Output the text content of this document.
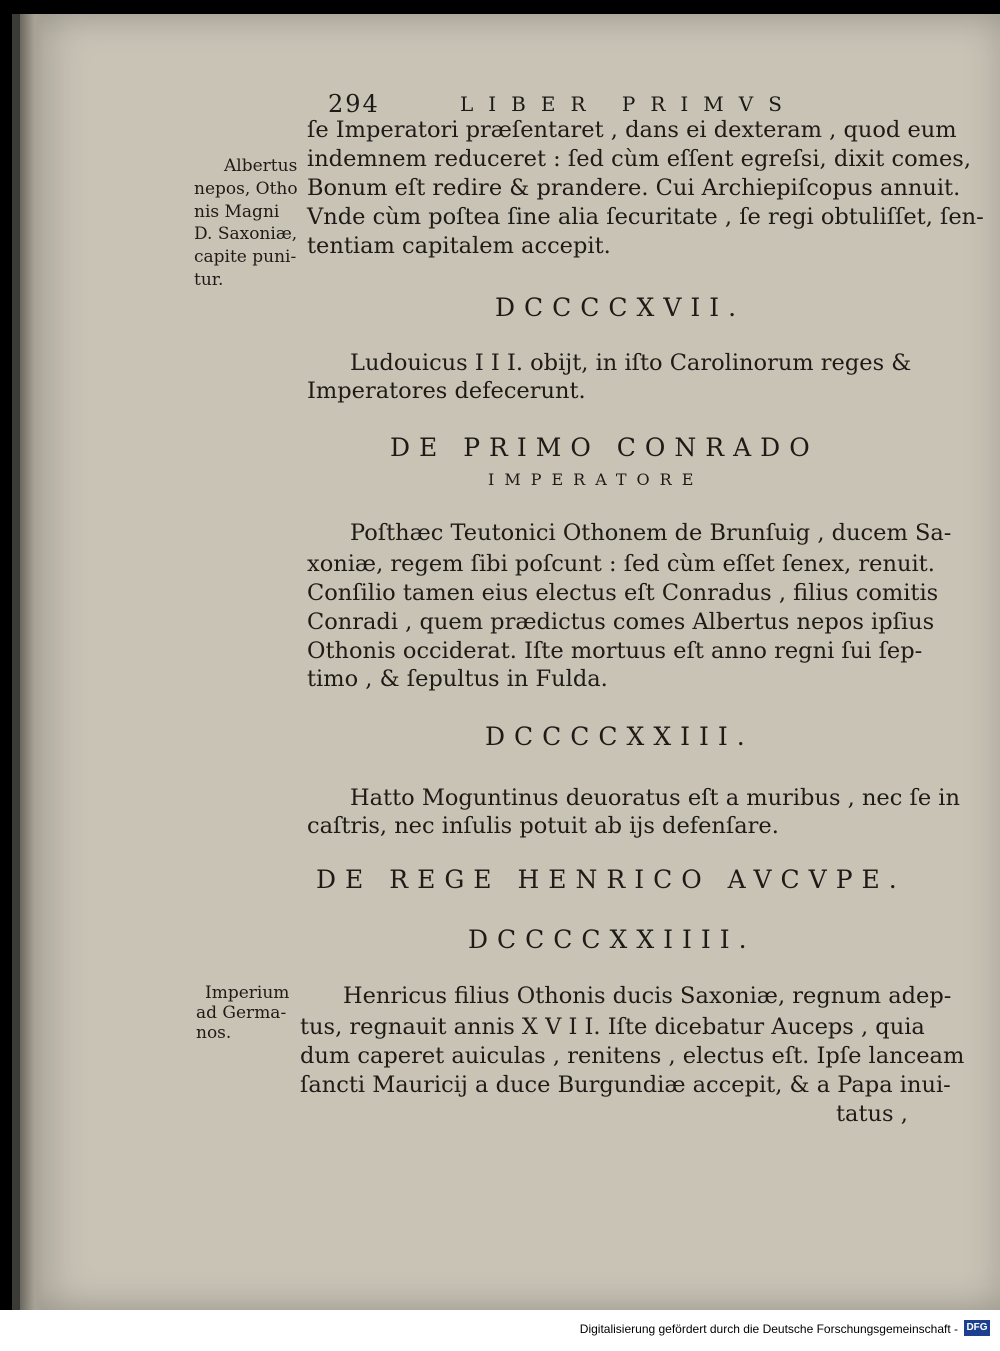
294	LIBER PRIMVS
Albertus
nepos, Otho
nis Magni
D. Saxoniæ,
capite puni-
tur.
ſe Imperatori præſentaret , dans ei dexteram , quod eum
indemnem reduceret : ſed cùm eſſent egreſsi, dixit comes,
Bonum eſt redire & prandere. Cui Archiepiſcopus annuit.
Vnde cùm poſtea ſine alia ſecuritate , ſe regi obtuliſſet, ſen-
tentiam capitalem accepit.
DCCCCXVII.
Ludouicus I I I. obijt, in iſto Carolinorum reges &
Imperatores defecerunt.
DE PRIMO CONRADO
IMPERATORE
Poſthæc Teutonici Othonem de Brunſuig , ducem Sa-
xoniæ, regem ſibi poſcunt : ſed cùm eſſet ſenex, renuit.
Conſilio tamen eius electus eſt Conradus , filius comitis
Conradi , quem prædictus comes Albertus nepos ipſius
Othonis occiderat. Iſte mortuus eſt anno regni ſui ſep-
timo , & ſepultus in Fulda.
DCCCCXXIII.
Hatto Moguntinus deuoratus eſt a muribus , nec ſe in
caſtris, nec inſulis potuit ab ijs defenſare.
DE REGE HENRICO AVCVPE.
DCCCCXXIIII.
Imperium
ad Germa-
nos.
Henricus filius Othonis ducis Saxoniæ, regnum adep-
tus, regnauit annis X V I I. Iſte dicebatur Auceps , quia
dum caperet auiculas , renitens , electus eſt. Ipſe lanceam
ſancti Mauricij a duce Burgundiæ accepit, & a Papa inui-
tatus ,
Digitalisierung gefördert durch die Deutsche Forschungsgemeinschaft - DFG
